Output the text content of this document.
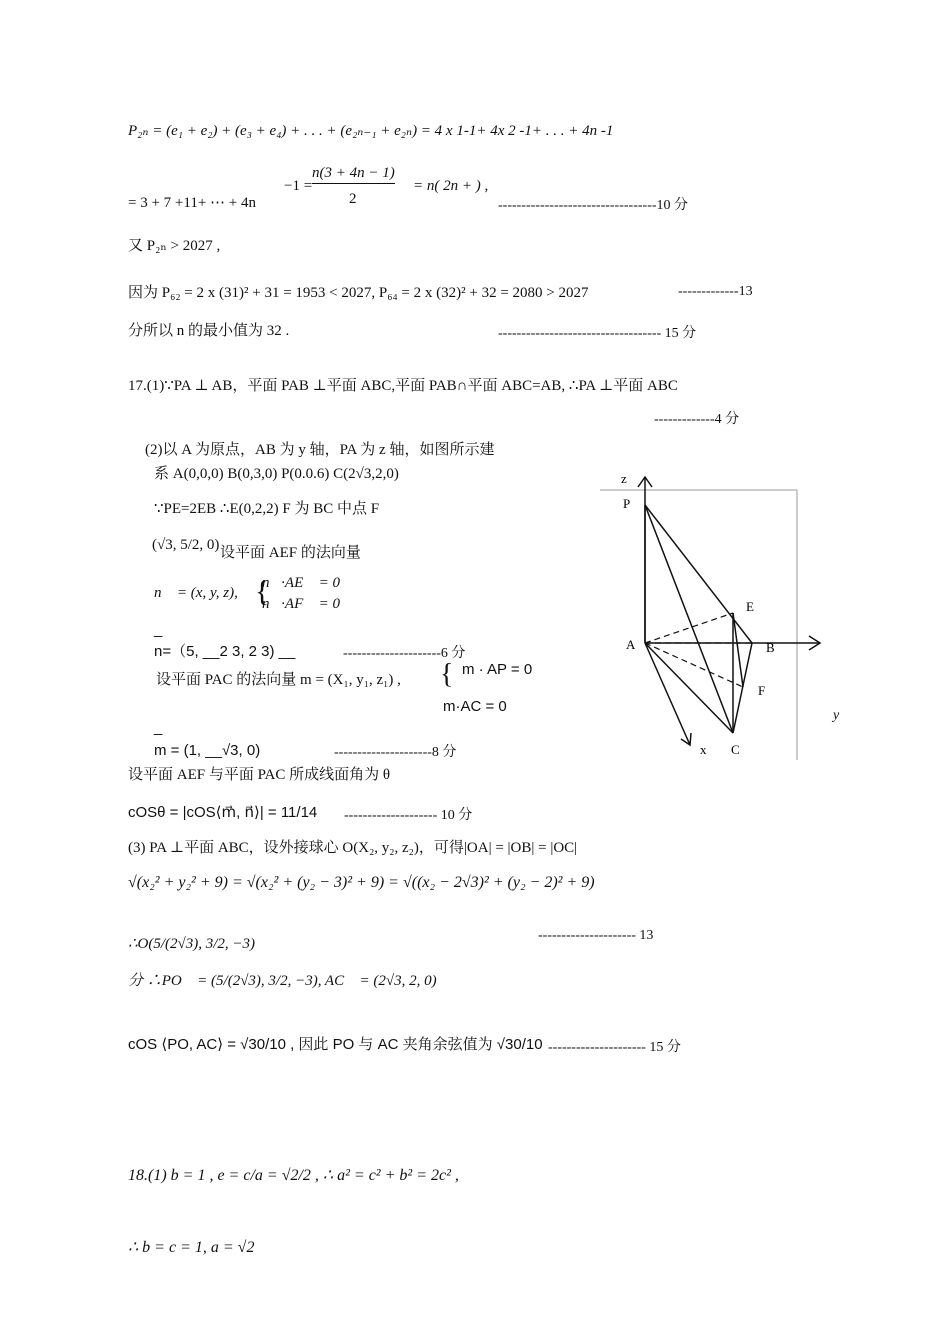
P₂ₙ = (e₁ + e₂) + (e₃ + e₄) + . . . + (e₂ₙ₋₁ + e₂ₙ) = 4 x 1-1+ 4x 2 -1+ . . . + 4n -1
= 3 + 7 +11+ ⋯ + 4n
−1 =
n(3 + 4n − 1)
2
= n( 2n + ) ,
----------------------------------10 分
又 P₂ₙ > 2027 ,
因为 P₆₂ = 2 x (31)² + 31 = 1953 < 2027, P₆₄ = 2 x (32)² + 32 = 2080 > 2027	-------------13
分所以 n 的最小值为 32 .	----------------------------------- 15 分
17.(1)∵PA ⊥ AB，平面 PAB ⊥平面 ABC,平面 PAB∩平面 ABC=AB, ∴PA ⊥平面 ABC
-------------4 分
(2)以 A 为原点，AB 为 y 轴，PA 为 z 轴，如图所示建
系 A(0,0,0) B(0,3,0) P(0.0.6) C(2√3,2,0)
∵PE=2EB ∴E(0,2,2) F 为 BC 中点 F
(√3, 5/2, 0) 设平面 AEF 的法向量
n⃗ = (x, y, z), {
n⃗·AE⃗ = 0
n⃗·AF⃗ = 0
_
n=（5, __2 3, 2 3) __	---------------------6 分
设平面 PAC 的法向量 m = (X₁, y₁, z₁) , { m · AP = 0
m·AC = 0
_
m = (1, __√3, 0)	---------------------8 分
设平面 AEF 与平面 PAC 所成线面角为 θ
cOSθ = |cOS⟨m⃗, n⃗⟩| = 11/14 -------------------- 10 分
(3) PA ⊥平面 ABC，设外接球心 O(X₂, y₂, z₂)，可得|OA| = |OB| = |OC|
√(x₂² + y₂² + 9) = √(x₂² + (y₂ − 3)² + 9) = √((x₂ − 2√3)² + (y₂ − 2)² + 9)
∴O(5/(2√3), 3/2, −3)
--------------------- 13
分 ∴PO⃗ = (5/(2√3), 3/2, −3), AC⃗ = (2√3, 2, 0)
cOS ⟨PO, AC⟩ = √30/10 , 因此 PO 与 AC 夹角余弦值为 √30/10 --------------------- 15 分
18.(1) b = 1 , e = c/a = √2/2 , ∴ a² = c² + b² = 2c² ,
∴ b = c = 1, a = √2
z
P
E
A	B
F
x C
y
